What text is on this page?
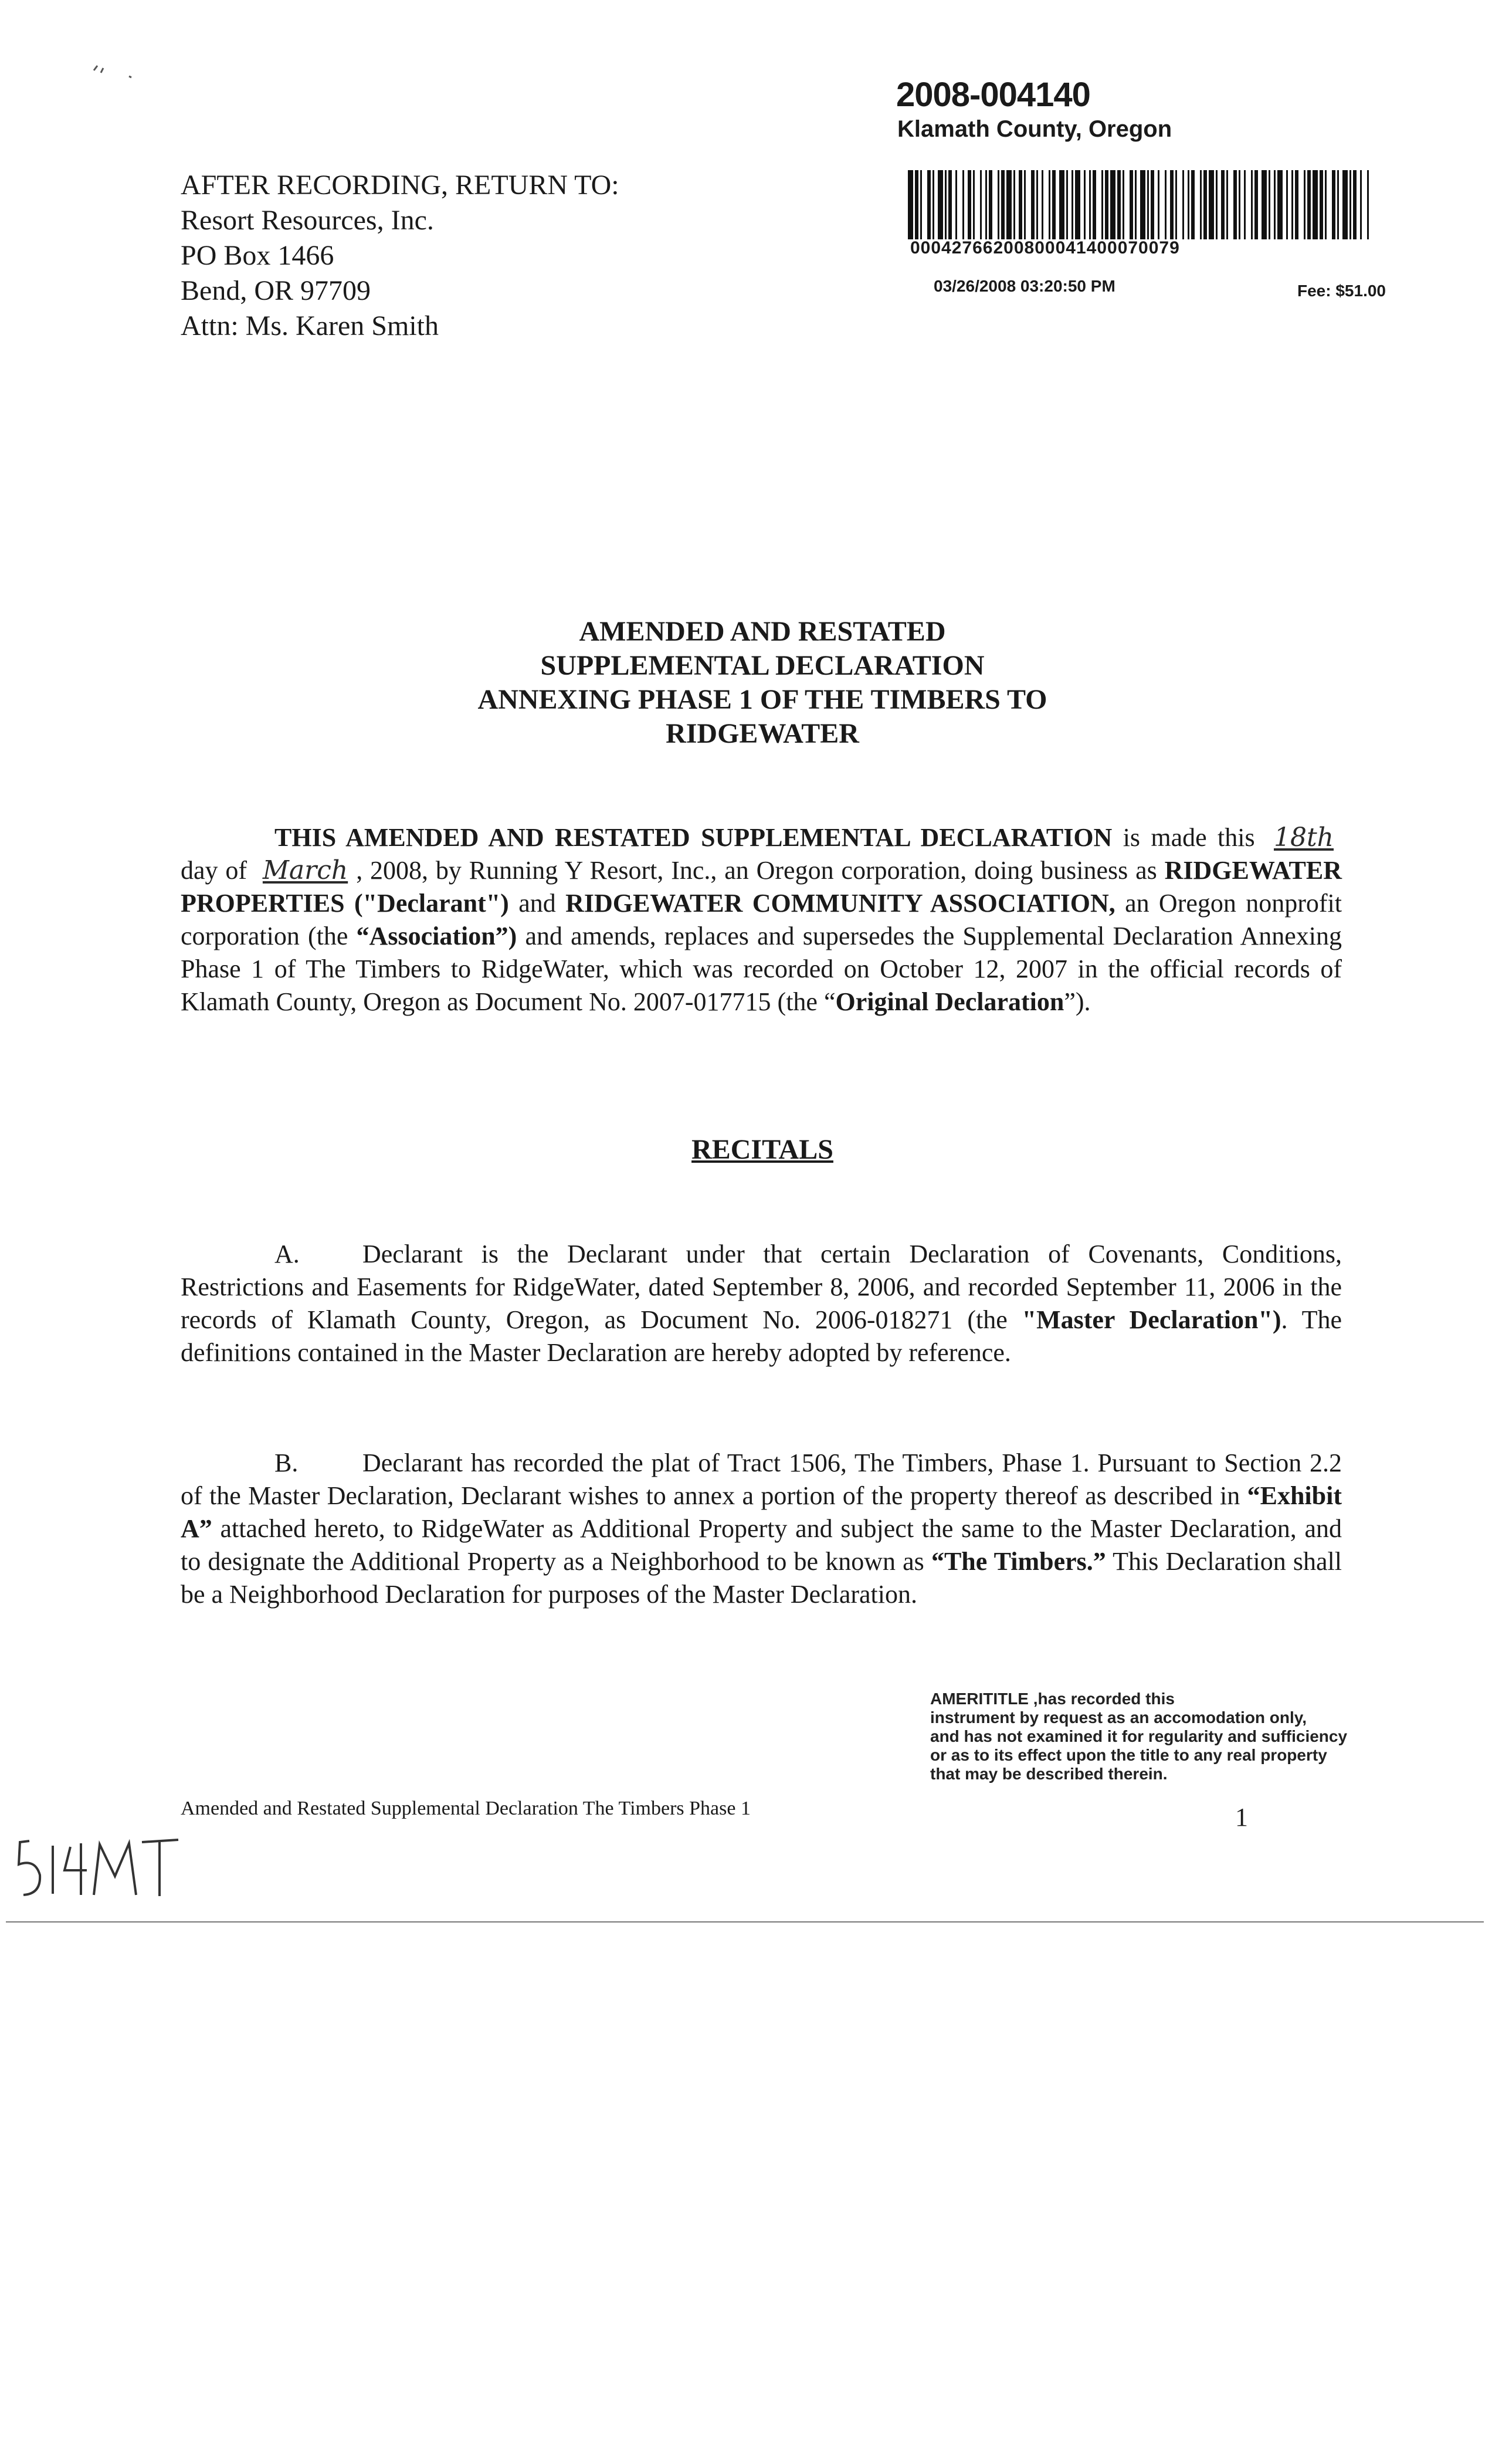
2008-004140
Klamath County, Oregon
00042766200800041400070079
03/26/2008 03:20:50 PM	Fee: $51.00
AFTER RECORDING, RETURN TO:
Resort Resources, Inc.
PO Box 1466
Bend, OR 97709
Attn: Ms. Karen Smith
AMENDED AND RESTATED
SUPPLEMENTAL DECLARATION
ANNEXING PHASE 1 OF THE TIMBERS TO
RIDGEWATER
THIS AMENDED AND RESTATED SUPPLEMENTAL DECLARATION is made this 18th day of March , 2008, by Running Y Resort, Inc., an Oregon corporation, doing business as RIDGEWATER PROPERTIES ("Declarant") and RIDGEWATER COMMUNITY ASSOCIATION, an Oregon nonprofit corporation (the “Association”) and amends, replaces and supersedes the Supplemental Declaration Annexing Phase 1 of The Timbers to RidgeWater, which was recorded on October 12, 2007 in the official records of Klamath County, Oregon as Document No. 2007-017715 (the “Original Declaration”).
RECITALS
A. Declarant is the Declarant under that certain Declaration of Covenants, Conditions, Restrictions and Easements for RidgeWater, dated September 8, 2006, and recorded September 11, 2006 in the records of Klamath County, Oregon, as Document No. 2006-018271 (the "Master Declaration"). The definitions contained in the Master Declaration are hereby adopted by reference.
B. Declarant has recorded the plat of Tract 1506, The Timbers, Phase 1. Pursuant to Section 2.2 of the Master Declaration, Declarant wishes to annex a portion of the property thereof as described in “Exhibit A” attached hereto, to RidgeWater as Additional Property and subject the same to the Master Declaration, and to designate the Additional Property as a Neighborhood to be known as “The Timbers.” This Declaration shall be a Neighborhood Declaration for purposes of the Master Declaration.
AMERITITLE ,has recorded this
instrument by request as an accomodation only,
and has not examined it for regularity and sufficiency
or as to its effect upon the title to any real property
that may be described therein.
Amended and Restated Supplemental Declaration The Timbers Phase 1	1
